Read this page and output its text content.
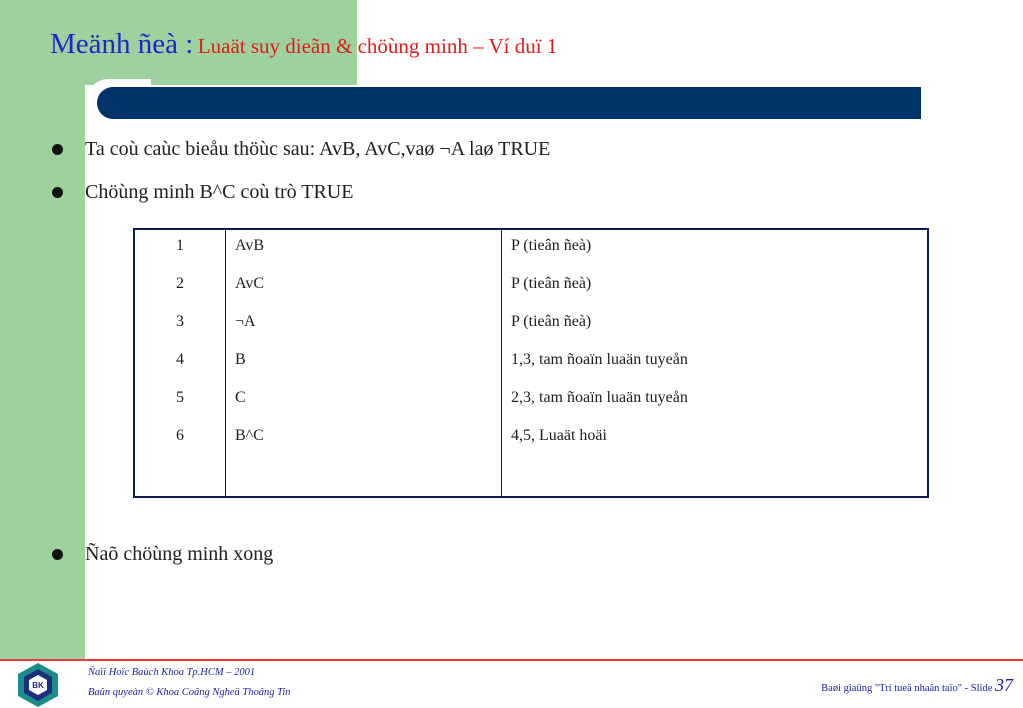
Meänh ñeà : Luaät suy dieãn & chöùng minh – Ví duï 1
Ta coù caùc bieåu thöùc sau: AvB, AvC,vaø ¬A laø TRUE
Chöùng minh B^C coù trò TRUE
1
2
3
4
5
6
AvB
AvC
¬A
B
C
B^C
P (tieân ñeà)
P (tieân ñeà)
P (tieân ñeà)
1,3, tam ñoaïn luaän tuyeån
2,3, tam ñoaïn luaän tuyeån
4,5, Luaät hoäi
Ñaõ chöùng minh xong
BK
Ñaïi Hoïc Baùch Khoa Tp.HCM – 2001
Baûn quyeàn © Khoa Coâng Ngheä Thoâng Tin	Baøi giaûng "Trí tueä nhaân taïo" - Slide 37
